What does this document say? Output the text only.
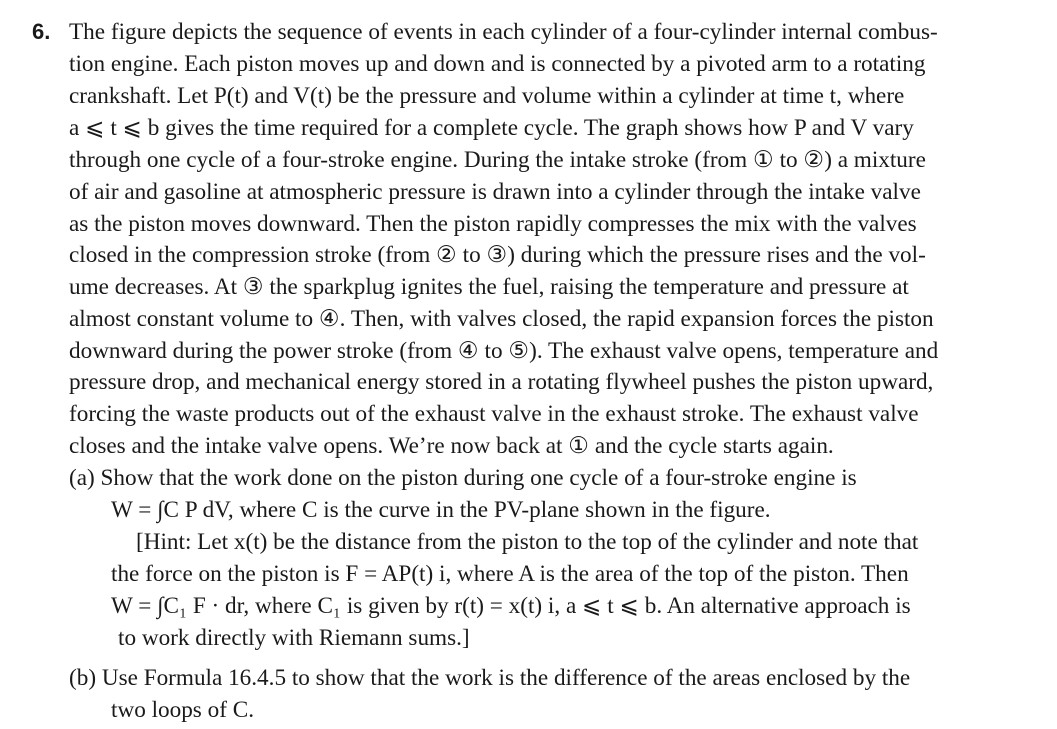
6. The figure depicts the sequence of events in each cylinder of a four-cylinder internal combus-
tion engine. Each piston moves up and down and is connected by a pivoted arm to a rotating
crankshaft. Let P(t) and V(t) be the pressure and volume within a cylinder at time t, where
a ⩽ t ⩽ b gives the time required for a complete cycle. The graph shows how P and V vary
through one cycle of a four-stroke engine. During the intake stroke (from ① to ②) a mixture
of air and gasoline at atmospheric pressure is drawn into a cylinder through the intake valve
as the piston moves downward. Then the piston rapidly compresses the mix with the valves
closed in the compression stroke (from ② to ③) during which the pressure rises and the vol-
ume decreases. At ③ the sparkplug ignites the fuel, raising the temperature and pressure at
almost constant volume to ④. Then, with valves closed, the rapid expansion forces the piston
downward during the power stroke (from ④ to ⑤). The exhaust valve opens, temperature and
pressure drop, and mechanical energy stored in a rotating flywheel pushes the piston upward,
forcing the waste products out of the exhaust valve in the exhaust stroke. The exhaust valve
closes and the intake valve opens. We’re now back at ① and the cycle starts again.
(a) Show that the work done on the piston during one cycle of a four-stroke engine is
W = ∫C P dV, where C is the curve in the PV-plane shown in the figure.
[Hint: Let x(t) be the distance from the piston to the top of the cylinder and note that
the force on the piston is F = AP(t) i, where A is the area of the top of the piston. Then
W = ∫C₁ F · dr, where C₁ is given by r(t) = x(t) i, a ⩽ t ⩽ b. An alternative approach is
to work directly with Riemann sums.]
(b) Use Formula 16.4.5 to show that the work is the difference of the areas enclosed by the
two loops of C.
